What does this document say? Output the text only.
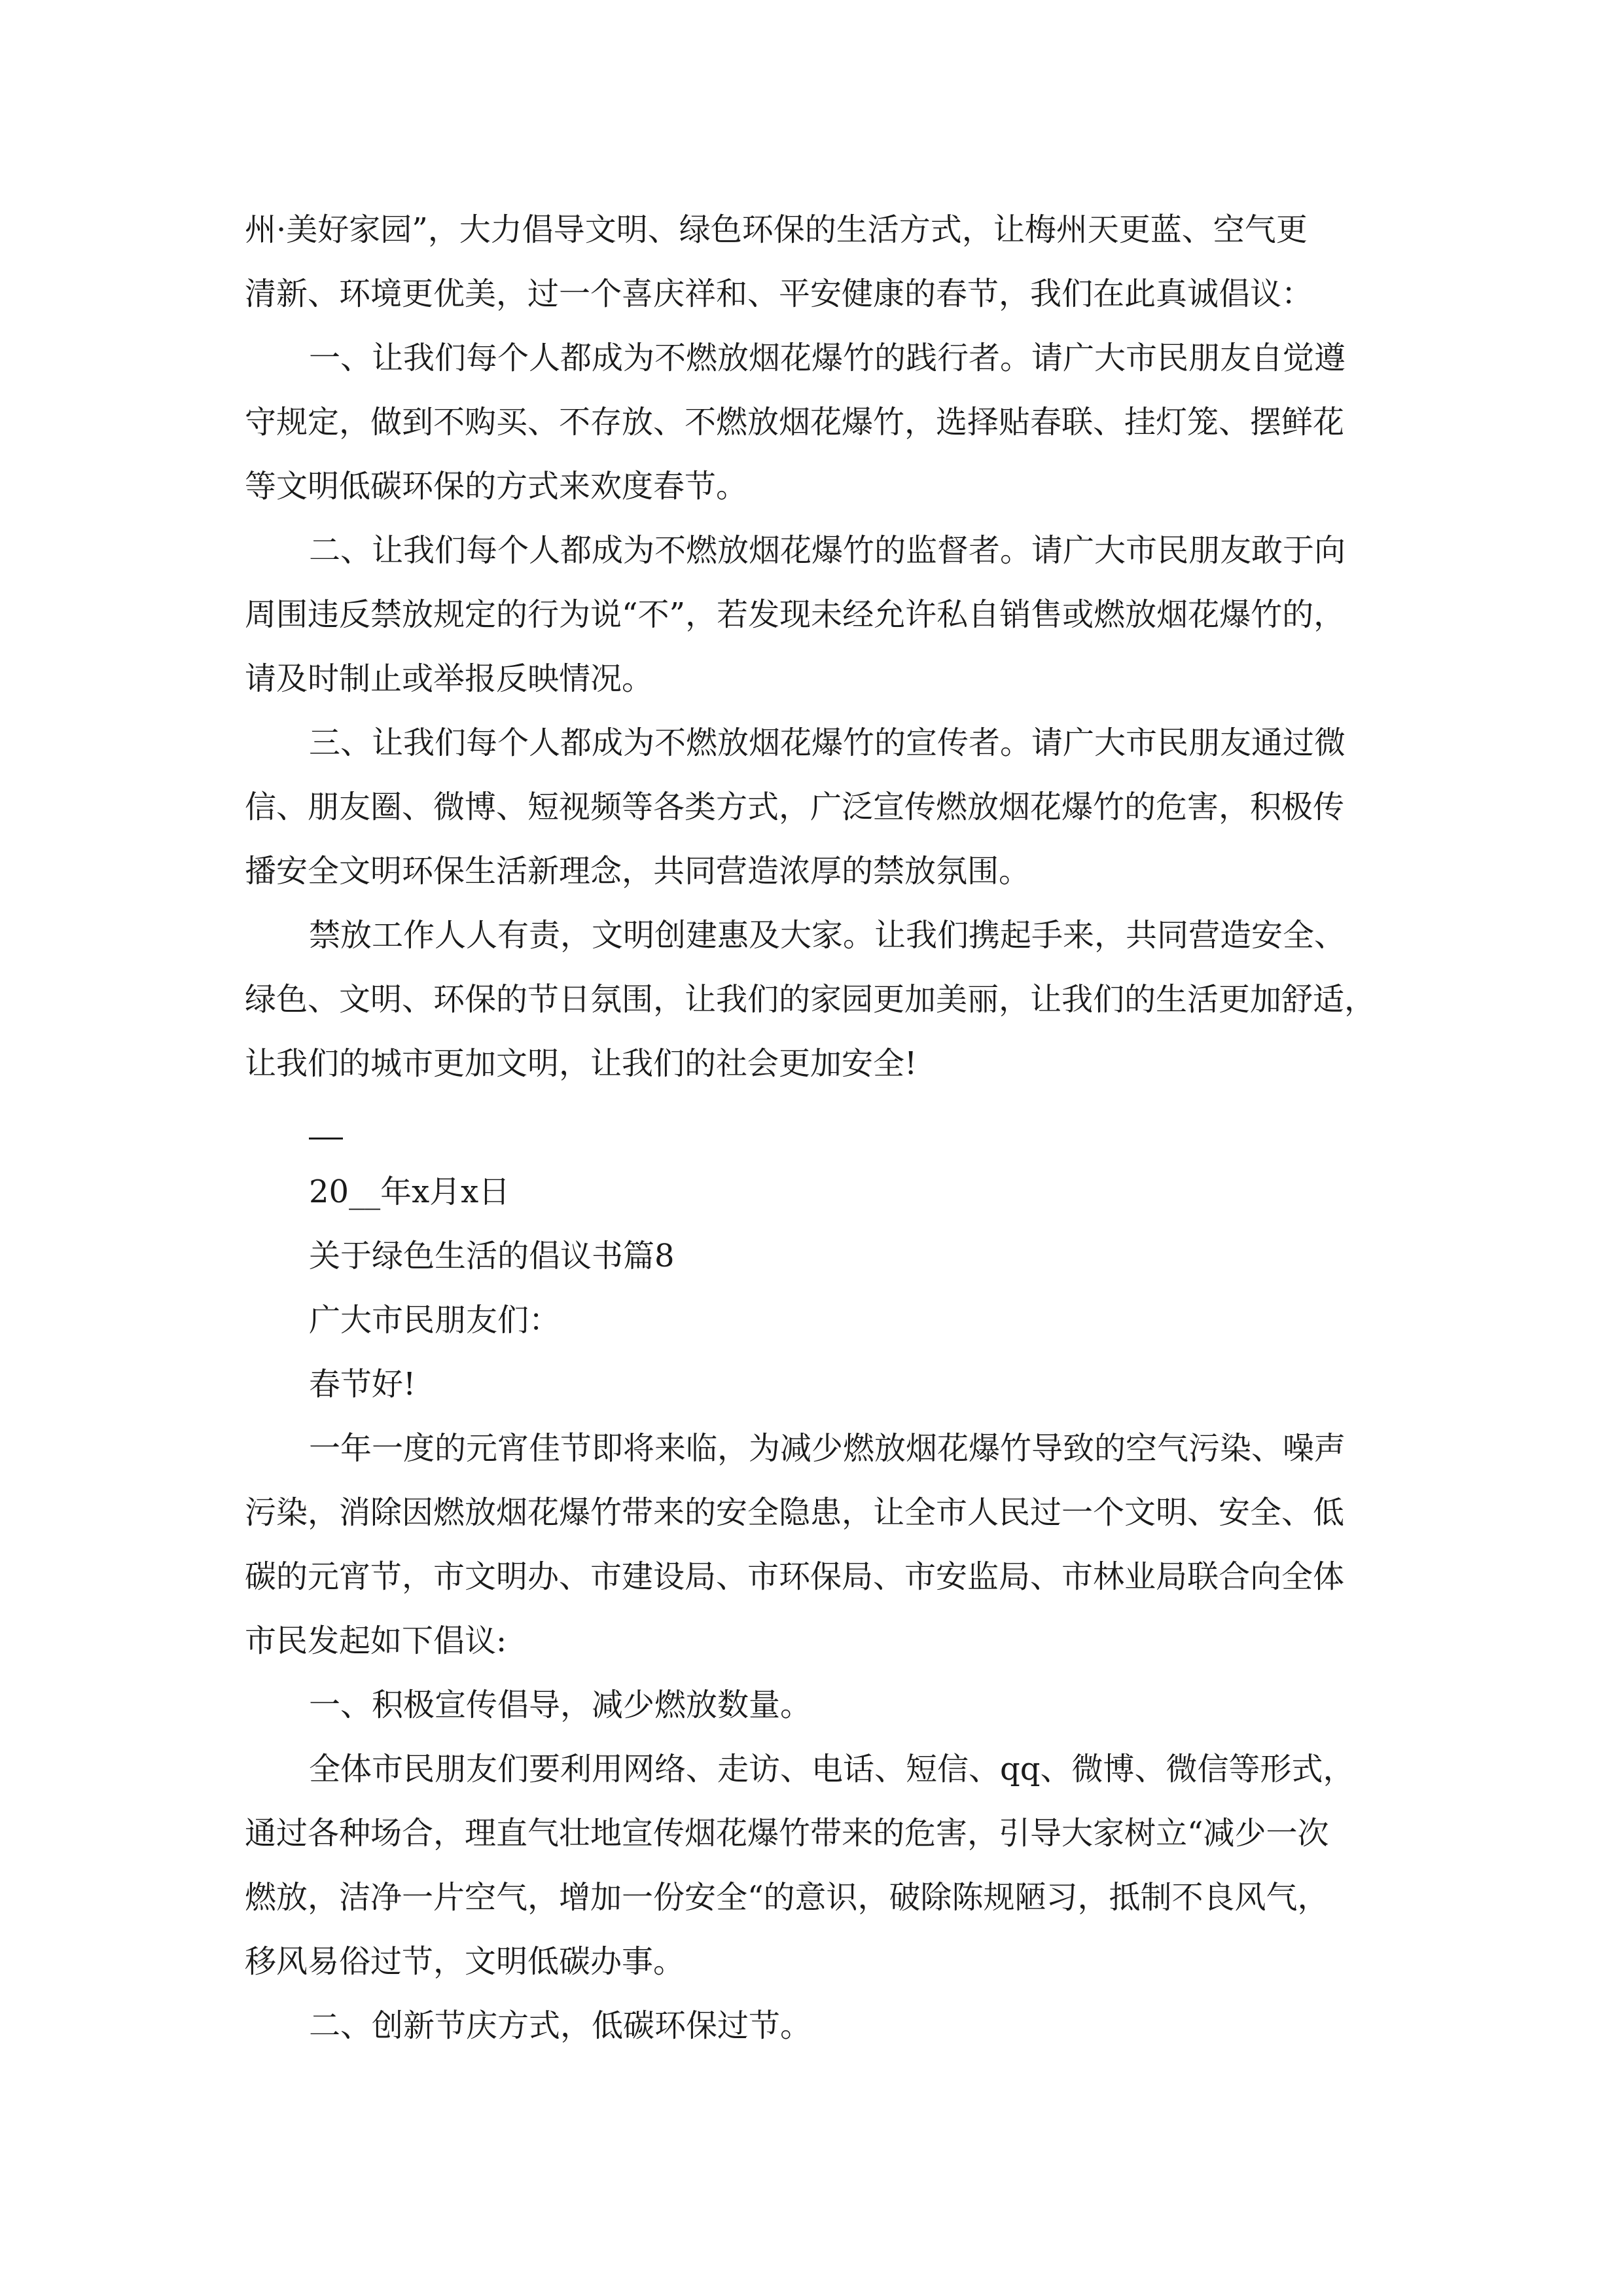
州·美好家园”，大力倡导文明、绿色环保的生活方式，让梅州天更蓝、空气更
清新、环境更优美，过一个喜庆祥和、平安健康的春节，我们在此真诚倡议：
一、让我们每个人都成为不燃放烟花爆竹的践行者。请广大市民朋友自觉遵
守规定，做到不购买、不存放、不燃放烟花爆竹，选择贴春联、挂灯笼、摆鲜花
等文明低碳环保的方式来欢度春节。
二、让我们每个人都成为不燃放烟花爆竹的监督者。请广大市民朋友敢于向
周围违反禁放规定的行为说“不”，若发现未经允许私自销售或燃放烟花爆竹的，
请及时制止或举报反映情况。
三、让我们每个人都成为不燃放烟花爆竹的宣传者。请广大市民朋友通过微
信、朋友圈、微博、短视频等各类方式，广泛宣传燃放烟花爆竹的危害，积极传
播安全文明环保生活新理念，共同营造浓厚的禁放氛围。
禁放工作人人有责，文明创建惠及大家。让我们携起手来，共同营造安全、
绿色、文明、环保的节日氛围，让我们的家园更加美丽，让我们的生活更加舒适，
让我们的城市更加文明，让我们的社会更加安全!
20__年x月x日
关于绿色生活的倡议书篇8
广大市民朋友们：
春节好!
一年一度的元宵佳节即将来临，为减少燃放烟花爆竹导致的空气污染、噪声
污染，消除因燃放烟花爆竹带来的安全隐患，让全市人民过一个文明、安全、低
碳的元宵节，市文明办、市建设局、市环保局、市安监局、市林业局联合向全体
市民发起如下倡议:
一、积极宣传倡导，减少燃放数量。
全体市民朋友们要利用网络、走访、电话、短信、qq、微博、微信等形式，
通过各种场合，理直气壮地宣传烟花爆竹带来的危害，引导大家树立“减少一次
燃放，洁净一片空气，增加一份安全“的意识，破除陈规陋习，抵制不良风气，
移风易俗过节，文明低碳办事。
二、创新节庆方式，低碳环保过节。
